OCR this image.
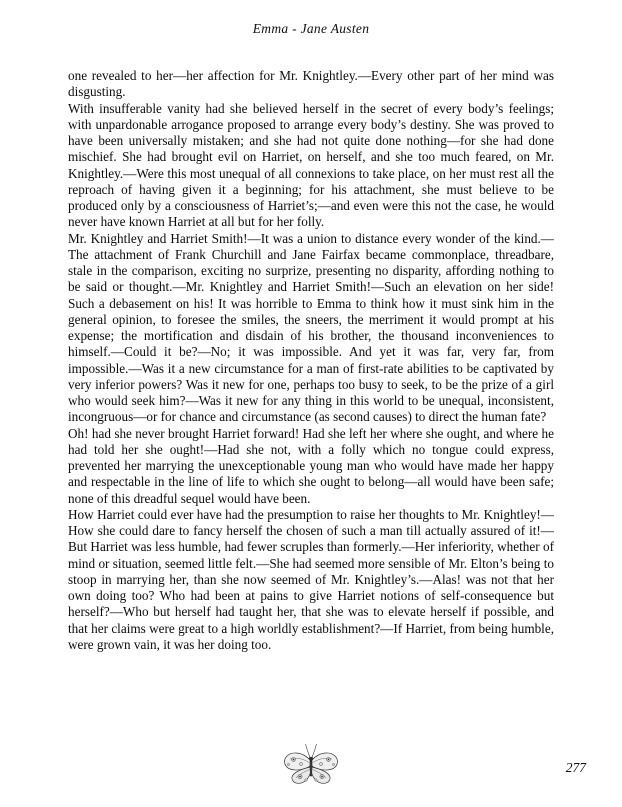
Emma - Jane Austen

one revealed to her—her affection for Mr. Knightley.—Every other part of her mind was disgusting.

With insufferable vanity had she believed herself in the secret of every body’s feelings; with unpardonable arrogance proposed to arrange every body’s destiny. She was proved to have been universally mistaken; and she had not quite done nothing—for she had done mischief. She had brought evil on Harriet, on herself, and she too much feared, on Mr. Knightley.—Were this most unequal of all connexions to take place, on her must rest all the reproach of having given it a beginning; for his attachment, she must believe to be produced only by a consciousness of Harriet’s;—and even were this not the case, he would never have known Harriet at all but for her folly.

Mr. Knightley and Harriet Smith!—It was a union to distance every wonder of the kind.—The attachment of Frank Churchill and Jane Fairfax became commonplace, threadbare, stale in the comparison, exciting no surprize, presenting no disparity, affording nothing to be said or thought.—Mr. Knightley and Harriet Smith!—Such an elevation on her side! Such a debasement on his! It was horrible to Emma to think how it must sink him in the general opinion, to foresee the smiles, the sneers, the merriment it would prompt at his expense; the mortification and disdain of his brother, the thousand inconveniences to himself.—Could it be?—No; it was impossible. And yet it was far, very far, from impossible.—Was it a new circumstance for a man of first-rate abilities to be captivated by very inferior powers? Was it new for one, perhaps too busy to seek, to be the prize of a girl who would seek him?—Was it new for any thing in this world to be unequal, inconsistent, incongruous—or for chance and circumstance (as second causes) to direct the human fate?

Oh! had she never brought Harriet forward! Had she left her where she ought, and where he had told her she ought!—Had she not, with a folly which no tongue could express, prevented her marrying the unexceptionable young man who would have made her happy and respectable in the line of life to which she ought to belong—all would have been safe; none of this dreadful sequel would have been.

How Harriet could ever have had the presumption to raise her thoughts to Mr. Knightley!—How she could dare to fancy herself the chosen of such a man till actually assured of it!—But Harriet was less humble, had fewer scruples than formerly.—Her inferiority, whether of mind or situation, seemed little felt.—She had seemed more sensible of Mr. Elton’s being to stoop in marrying her, than she now seemed of Mr. Knightley’s.—Alas! was not that her own doing too? Who had been at pains to give Harriet notions of self-consequence but herself?—Who but herself had taught her, that she was to elevate herself if possible, and that her claims were great to a high worldly establishment?—If Harriet, from being humble, were grown vain, it was her doing too.

277
